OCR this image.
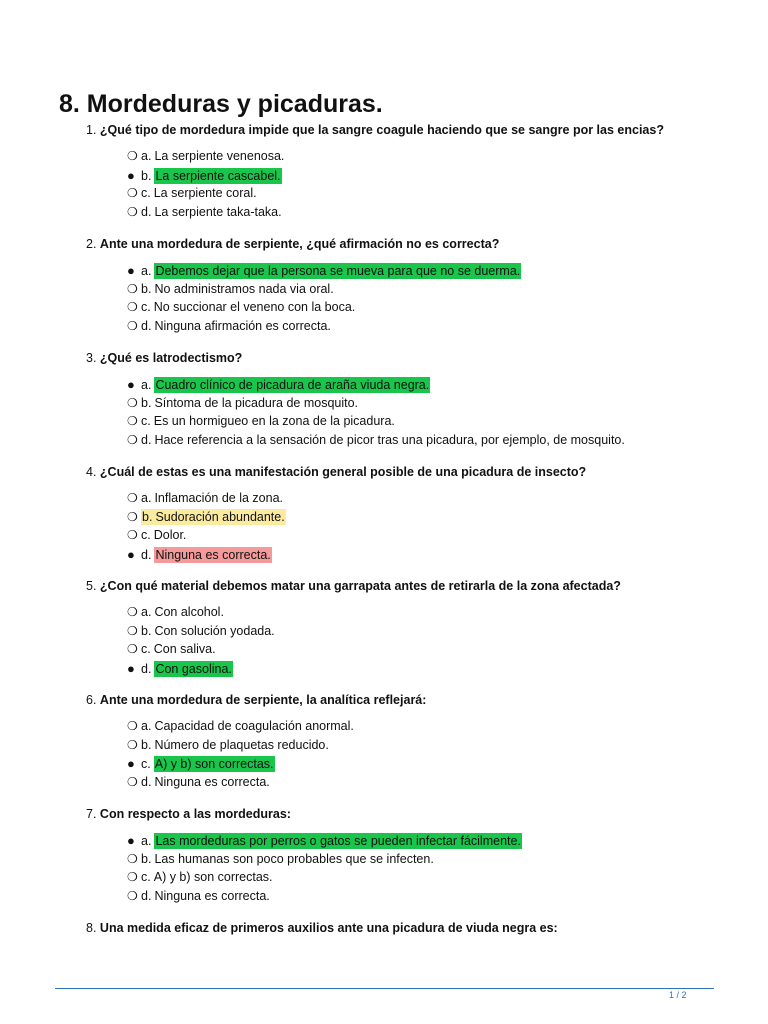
8. Mordeduras y picaduras.
1. ¿Qué tipo de mordedura impide que la sangre coagule haciendo que se sangre por las encias?
❍ a. La serpiente venenosa.
● b. La serpiente cascabel.
❍ c. La serpiente coral.
❍ d. La serpiente taka-taka.
2. Ante una mordedura de serpiente, ¿qué afirmación no es correcta?
● a. Debemos dejar que la persona se mueva para que no se duerma.
❍ b. No administramos nada via oral.
❍ c. No succionar el veneno con la boca.
❍ d. Ninguna afirmación es correcta.
3. ¿Qué es latrodectismo?
● a. Cuadro clínico de picadura de araña viuda negra.
❍ b. Síntoma de la picadura de mosquito.
❍ c. Es un hormigueo en la zona de la picadura.
❍ d. Hace referencia a la sensación de picor tras una picadura, por ejemplo, de mosquito.
4. ¿Cuál de estas es una manifestación general posible de una picadura de insecto?
❍ a. Inflamación de la zona.
❍ b. Sudoración abundante.
❍ c. Dolor.
● d. Ninguna es correcta.
5. ¿Con qué material debemos matar una garrapata antes de retirarla de la zona afectada?
❍ a. Con alcohol.
❍ b. Con solución yodada.
❍ c. Con saliva.
● d. Con gasolina.
6. Ante una mordedura de serpiente, la analítica reflejará:
❍ a. Capacidad de coagulación anormal.
❍ b. Número de plaquetas reducido.
● c. A) y b) son correctas.
❍ d. Ninguna es correcta.
7. Con respecto a las mordeduras:
● a. Las mordeduras por perros o gatos se pueden infectar fácilmente.
❍ b. Las humanas son poco probables que se infecten.
❍ c. A) y b) son correctas.
❍ d. Ninguna es correcta.
8. Una medida eficaz de primeros auxilios ante una picadura de viuda negra es:
1 / 2
